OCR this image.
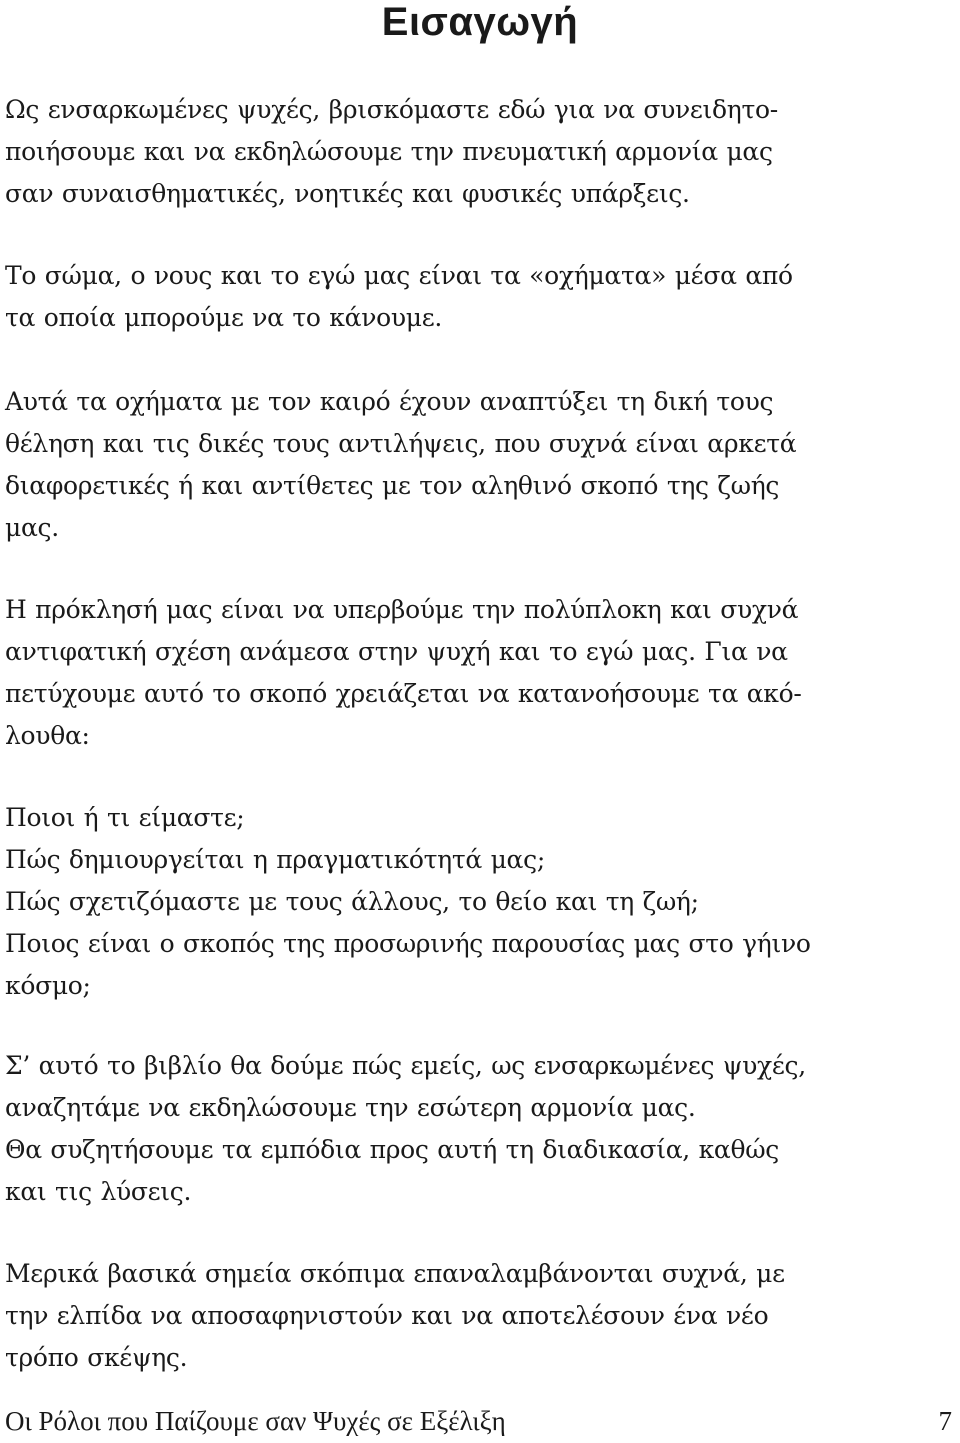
Εισαγωγή
Ως ενσαρκωμένες ψυχές, βρισκόμαστε εδώ για να συνειδητο-
ποιήσουμε και να εκδηλώσουμε την πνευματική αρμονία μας
σαν συναισθηματικές, νοητικές και φυσικές υπάρξεις.
Το σώμα, ο νους και το εγώ μας είναι τα «οχήματα» μέσα από
τα οποία μπορούμε να το κάνουμε.
Αυτά τα οχήματα με τον καιρό έχουν αναπτύξει τη δική τους
θέληση και τις δικές τους αντιλήψεις, που συχνά είναι αρκετά
διαφορετικές ή και αντίθετες με τον αληθινό σκοπό της ζωής
μας.
Η πρόκλησή μας είναι να υπερβούμε την πολύπλοκη και συχνά
αντιφατική σχέση ανάμεσα στην ψυχή και το εγώ μας. Για να
πετύχουμε αυτό το σκοπό χρειάζεται να κατανοήσουμε τα ακό-
λουθα:
Ποιοι ή τι είμαστε;
Πώς δημιουργείται η πραγματικότητά μας;
Πώς σχετιζόμαστε με τους άλλους, το θείο και τη ζωή;
Ποιος είναι ο σκοπός της προσωρινής παρουσίας μας στο γήινο
κόσμο;
Σ’ αυτό το βιβλίο θα δούμε πώς εμείς, ως ενσαρκωμένες ψυχές,
αναζητάμε να εκδηλώσουμε την εσώτερη αρμονία μας.
Θα συζητήσουμε τα εμπόδια προς αυτή τη διαδικασία, καθώς
και τις λύσεις.
Μερικά βασικά σημεία σκόπιμα επαναλαμβάνονται συχνά, με
την ελπίδα να αποσαφηνιστούν και να αποτελέσουν ένα νέο
τρόπο σκέψης.
Οι Ρόλοι που Παίζουμε σαν Ψυχές σε Εξέλιξη	7
